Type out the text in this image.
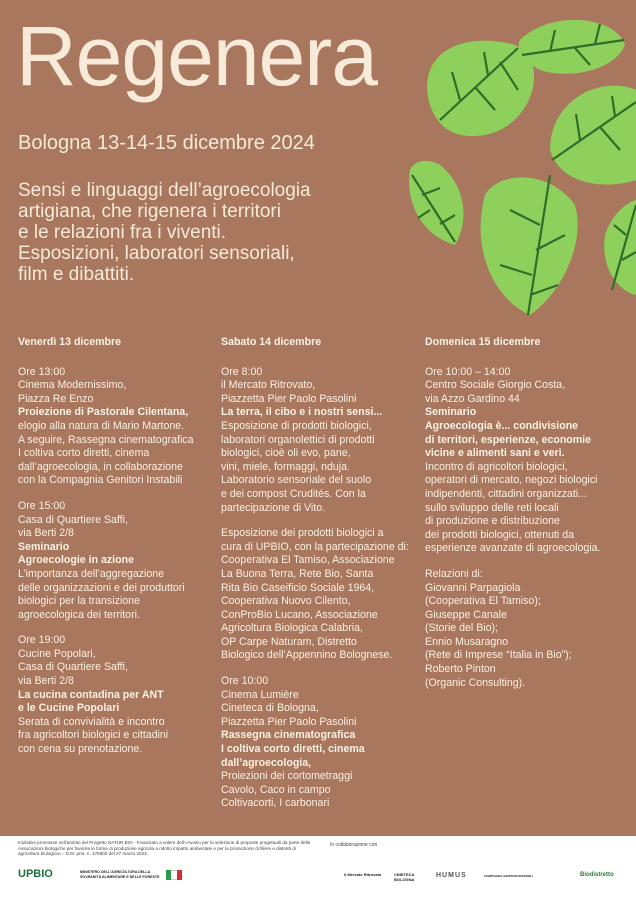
Regenera
Bologna 13-14-15 dicembre 2024
Sensi e linguaggi dell’agroecologia
artigiana, che rigenera i territori
e le relazioni fra i viventi.
Esposizioni, laboratori sensoriali,
film e dibattiti.
Venerdì 13 dicembre
Ore 13:00
Cinema Modernissimo,
Piazza Re Enzo
Proiezione di Pastorale Cilentana,
elogio alla natura di Mario Martone.
A seguire, Rassegna cinematografica
I coltiva corto diretti, cinema
dall’agroecologia, in collaborazione
con la Compagnia Genitori Instabili
Ore 15:00
Casa di Quartiere Saffi,
via Berti 2/8
Seminario
Agroecologie in azione
L’importanza dell’aggregazione
delle organizzazioni e dei produttori
biologici per la transizione
agroecologica dei territori.
Ore 19:00
Cucine Popolari,
Casa di Quartiere Saffi,
via Berti 2/8
La cucina contadina per ANT
e le Cucine Popolari
Serata di convivialità e incontro
fra agricoltori biologici e cittadini
con cena su prenotazione.
Sabato 14 dicembre
Ore 8:00
il Mercato Ritrovato,
Piazzetta Pier Paolo Pasolini
La terra, il cibo e i nostri sensi...
Esposizione di prodotti biologici,
laboratori organolettici di prodotti
biologici, cioè oli evo, pane,
vini, miele, formaggi, nduja.
Laboratorio sensoriale del suolo
e dei compost Crudités. Con la
partecipazione di Vito.
Esposizione dei prodotti biologici a
cura di UPBIO, con la partecipazione di:
Cooperativa El Tamiso, Associazione
La Buona Terra, Rete Bio, Santa
Rita Bio Caseificio Sociale 1964,
Cooperativa Nuovo Cilento,
ConProBio Lucano, Associazione
Agricoltura Biologica Calabria,
OP Carpe Naturam, Distretto
Biologico dell’Appennino Bolognese.
Ore 10:00
Cinema Lumière
Cineteca di Bologna,
Piazzetta Pier Paolo Pasolini
Rassegna cinematografica
I coltiva corto diretti, cinema
dall’agroecologia,
Proiezioni dei cortometraggi
Cavolo, Caco in campo
Coltivacorti, I carbonari
Domenica 15 dicembre
Ore 10:00 – 14:00
Centro Sociale Giorgio Costa,
via Azzo Gardino 44
Seminario
Agroecologia è... condivisione
di territori, esperienze, economie
vicine e alimenti sani e veri.
Incontro di agricoltori biologici,
operatori di mercato, negozi biologici
indipendenti, cittadini organizzati...
sullo sviluppo delle reti locali
di produzione e distribuzione
dei prodotti biologici, ottenuti da
esperienze avanzate di agroecologia.
Relazioni di:
Giovanni Parpagiola
(Cooperativa El Tamiso);
Giuseppe Canale
(Storie del Bio);
Ennio Musaragno
(Rete di Imprese “Italia in Bio”);
Roberto Pinton
(Organic Consulting).
Iniziative promosse nell’ambito del Progetto NATUR.BIO - Finanziato a valere dell’«Avviso per la selezione di proposte progettuali da parte delle Associazioni biologiche per favorire le forme di produzione agricola a ridotto impatto ambientale e per la promozione di filiere e distretti di agricoltura biologica» - D.M. prot. n. 176600 del 27 marzo 2023.
In collaborazione con
UPBIO	MINISTERO DELL’AGRICOLTURA DELLA SOVRANITÀ ALIMENTARE E DELLE FORESTE	il Mercato Ritrovato	CINETECA BOLOGNA
HUMUS	COMPAGNIA GENITORI INSTABILI	Biodistretto
